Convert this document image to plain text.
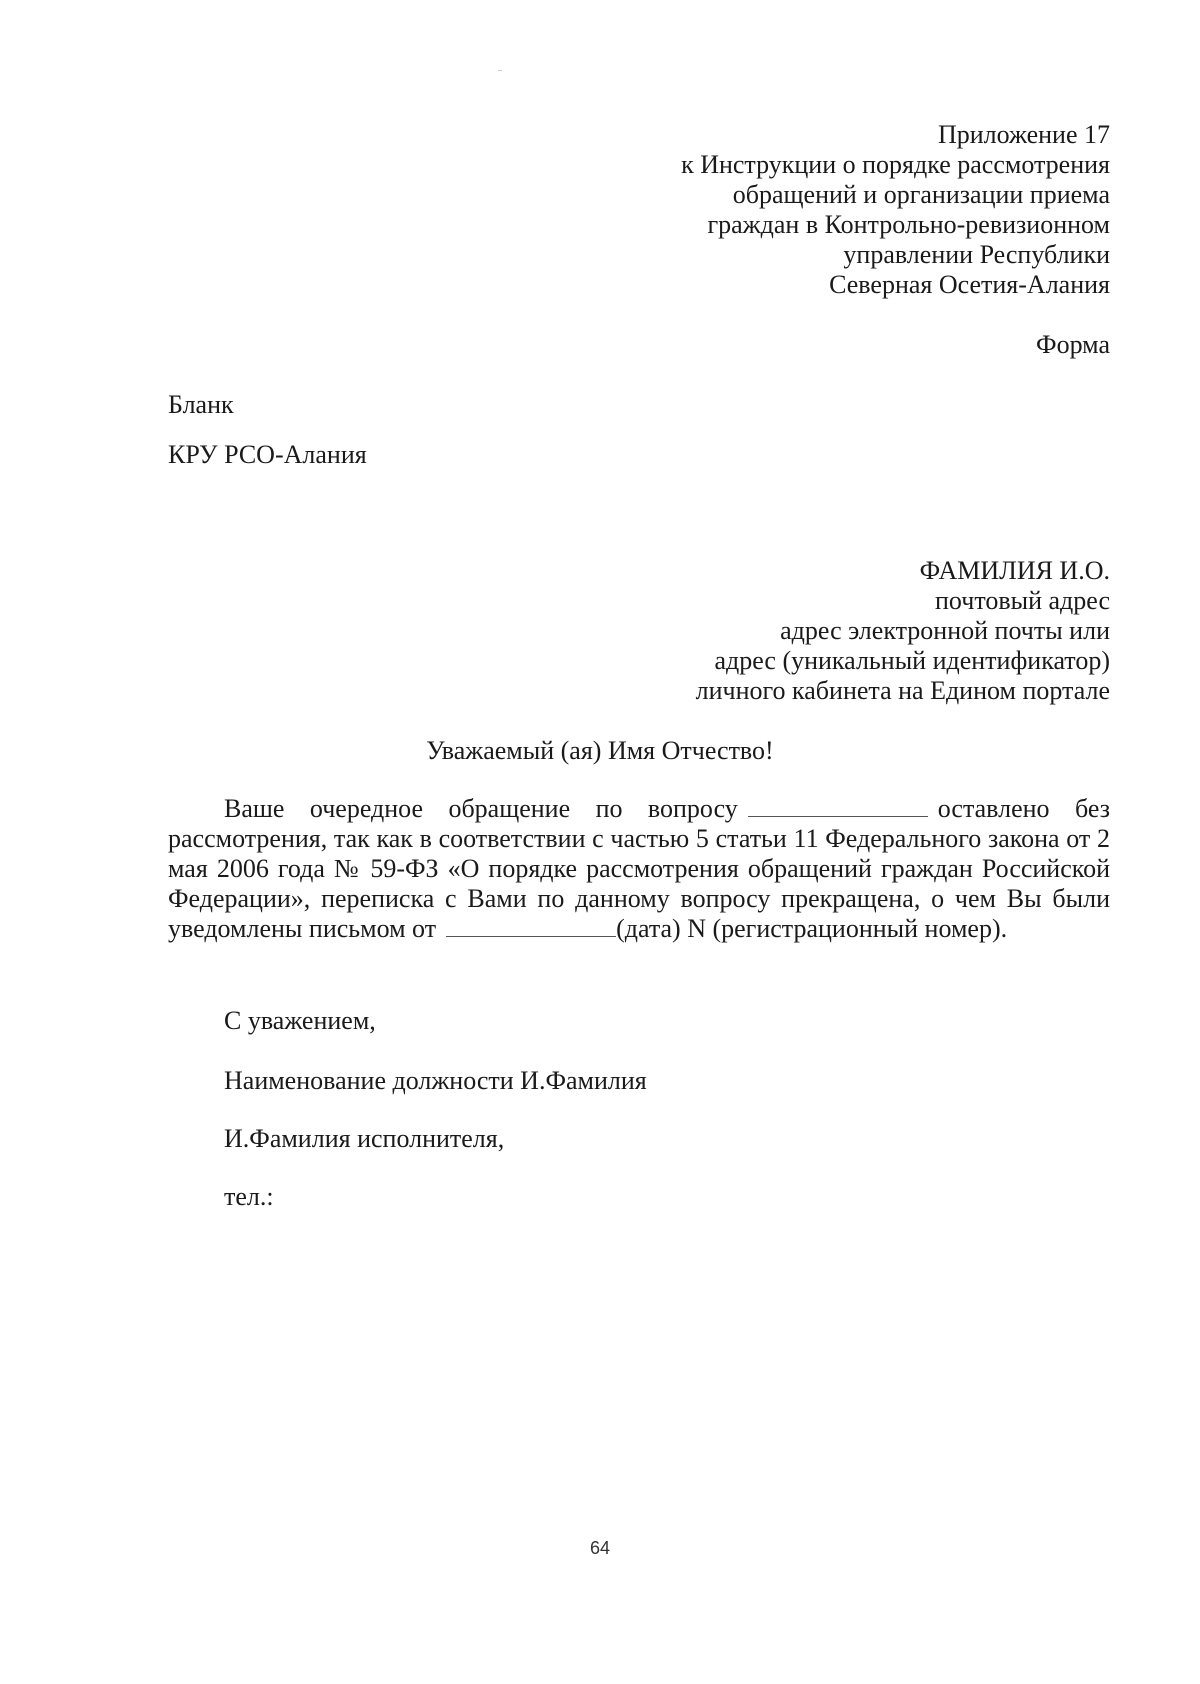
Приложение 17
к Инструкции о порядке рассмотрения
обращений и организации приема
граждан в Контрольно-ревизионном
управлении Республики
Северная Осетия-Алания
Форма
Бланк
КРУ РСО-Алания
ФАМИЛИЯ И.О.
почтовый адрес
адрес электронной почты или
адрес (уникальный идентификатор)
личного кабинета на Едином портале
Уважаемый (ая) Имя Отчество!
Ваше очередное обращение по вопросу	оставлено без рассмотрения, так как в соответствии с частью 5 статьи 11 Федерального закона от 2 мая 2006 года № 59-ФЗ «О порядке рассмотрения обращений граждан Российской Федерации», переписка с Вами по данному вопросу прекращена, о чем Вы были уведомлены письмом от	(дата) N (регистрационный номер).
С уважением,
Наименование должности И.Фамилия
И.Фамилия исполнителя,
тел.:
64
